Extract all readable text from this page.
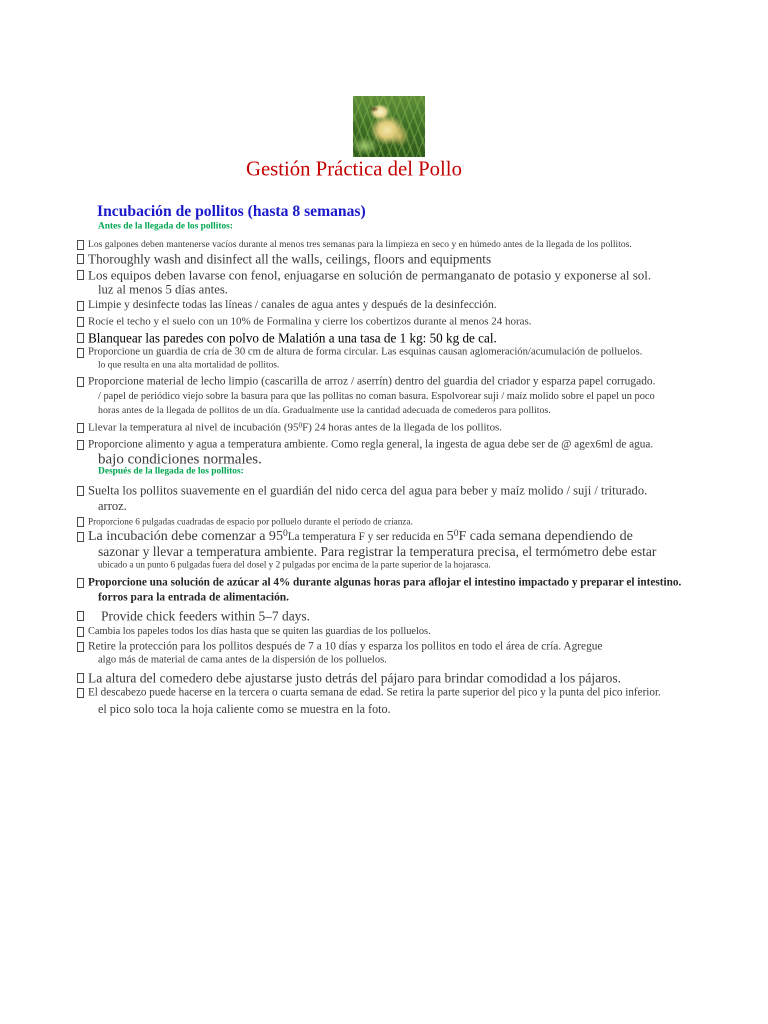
Gestión Práctica del Pollo
Incubación de pollitos (hasta 8 semanas)
Antes de la llegada de los pollitos:
Los galpones deben mantenerse vacíos durante al menos tres semanas para la limpieza en seco y en húmedo antes de la llegada de los pollitos.
Thoroughly wash and disinfect all the walls, ceilings, floors and equipments
Los equipos deben lavarse con fenol, enjuagarse en solución de permanganato de potasio y exponerse al sol.
luz al menos 5 días antes.
Limpie y desinfecte todas las líneas / canales de agua antes y después de la desinfección.
Rocíe el techo y el suelo con un 10% de Formalina y cierre los cobertizos durante al menos 24 horas.
Blanquear las paredes con polvo de Malatión a una tasa de 1 kg: 50 kg de cal.
Proporcione un guardia de cría de 30 cm de altura de forma circular. Las esquinas causan aglomeración/acumulación de polluelos.
lo que resulta en una alta mortalidad de pollitos.
Proporcione material de lecho limpio (cascarilla de arroz / aserrín) dentro del guardia del criador y esparza papel corrugado.
/ papel de periódico viejo sobre la basura para que las pollitas no coman basura. Espolvorear suji / maíz molido sobre el papel un poco
horas antes de la llegada de pollitos de un día. Gradualmente use la cantidad adecuada de comederos para pollitos.
Llevar la temperatura al nivel de incubación $(95^0F)$ 24 horas antes de la llegada de los pollitos.
Proporcione alimento y agua a temperatura ambiente. Como regla general, la ingesta de agua debe ser de @ agex6ml de agua.
bajo condiciones normales.
Después de la llegada de los pollitos:
Suelta los pollitos suavemente en el guardián del nido cerca del agua para beber y maíz molido / suji / triturado.
arroz.
Proporcione 6 pulgadas cuadradas de espacio por polluelo durante el período de crianza.
La incubación debe comenzar a $95^0La$ temperatura F y ser reducida en $5^0F$ cada semana dependiendo de
sazonar y llevar a temperatura ambiente. Para registrar la temperatura precisa, el termómetro debe estar
ubicado a un punto 6 pulgadas fuera del dosel y 2 pulgadas por encima de la parte superior de la hojarasca.
Proporcione una solución de azúcar al 4% durante algunas horas para aflojar el intestino impactado y preparar el intestino.
forros para la entrada de alimentación.
Provide chick feeders within 5–7 days.
Cambia los papeles todos los días hasta que se quiten las guardias de los polluelos.
Retire la protección para los pollitos después de 7 a 10 días y esparza los pollitos en todo el área de cría. Agregue
algo más de material de cama antes de la dispersión de los polluelos.
La altura del comedero debe ajustarse justo detrás del pájaro para brindar comodidad a los pájaros.
El descabezo puede hacerse en la tercera o cuarta semana de edad. Se retira la parte superior del pico y la punta del pico inferior.
el pico solo toca la hoja caliente como se muestra en la foto.
